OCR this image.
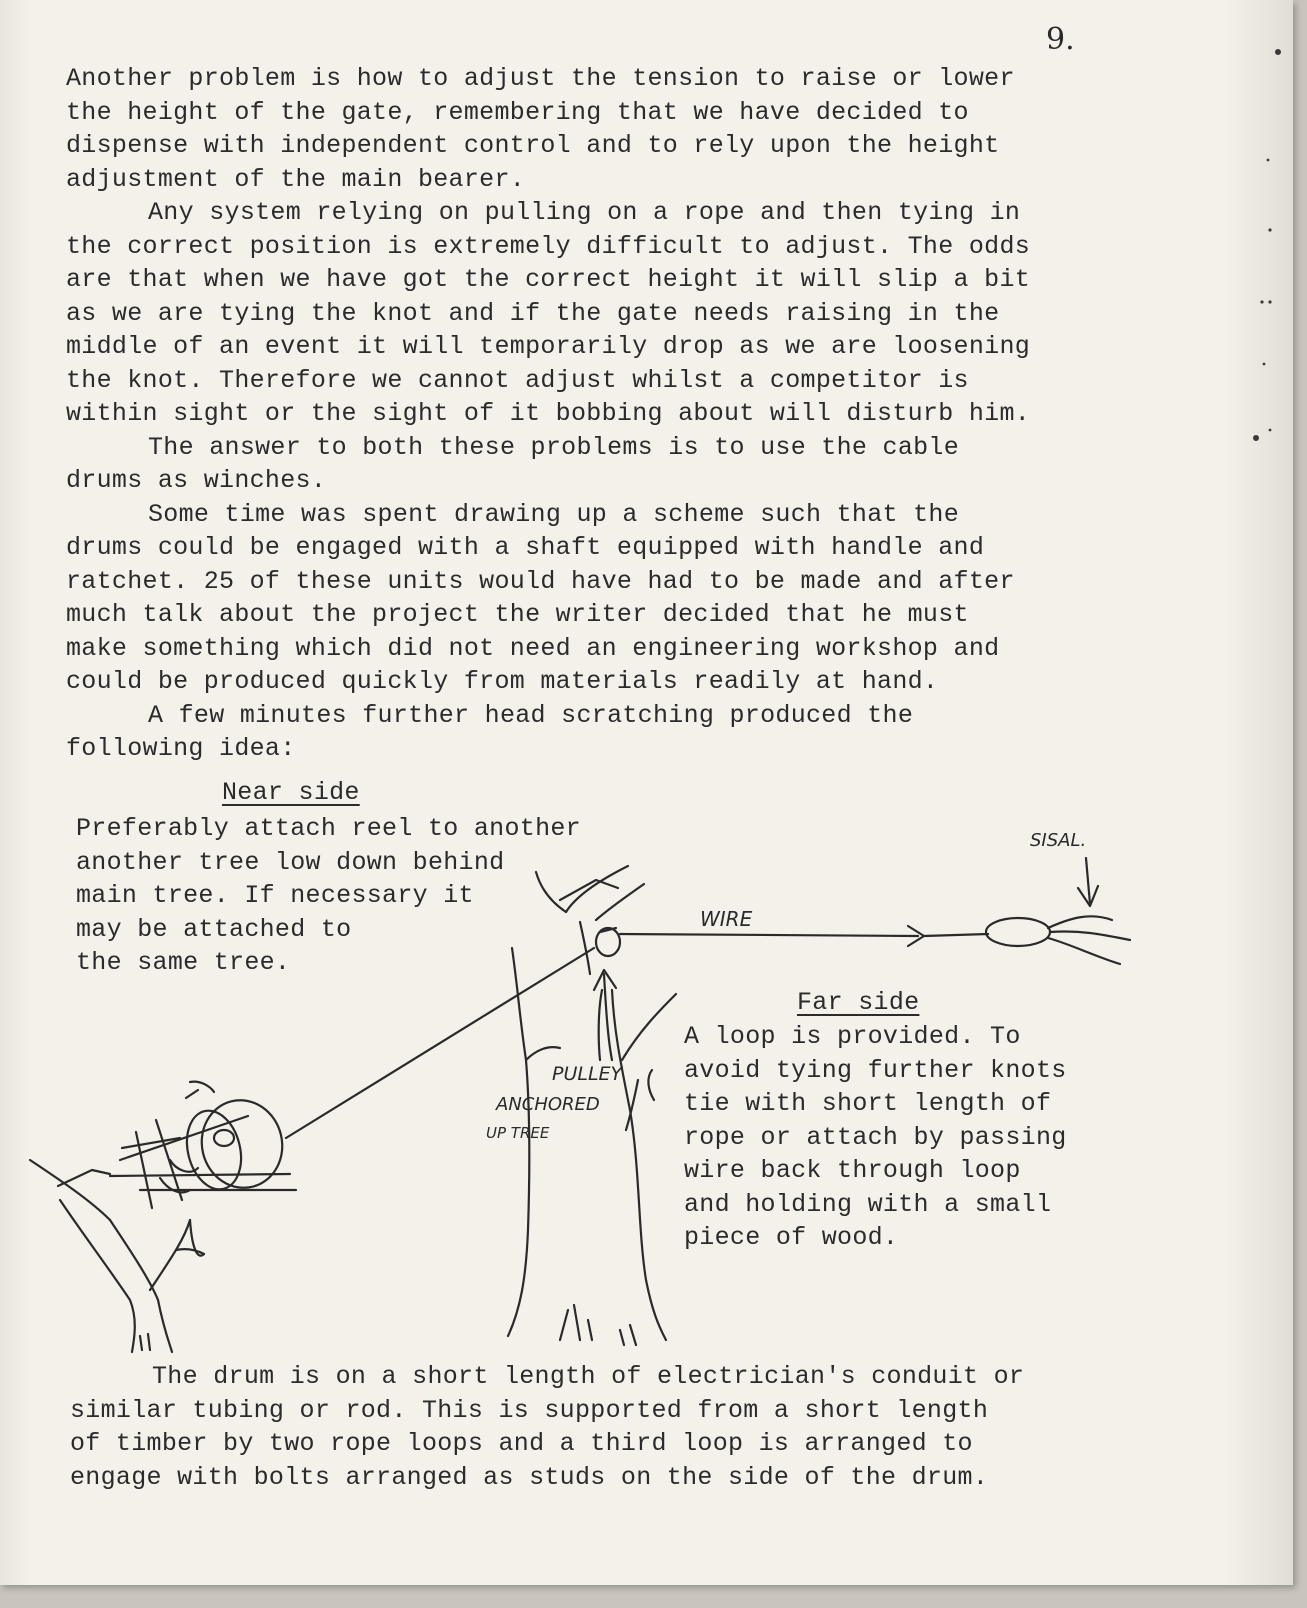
9.

Another problem is how to adjust the tension to raise or lower
the height of the gate, remembering that we have decided to
dispense with independent control and to rely upon the height
adjustment of the main bearer.

Any system relying on pulling on a rope and then tying in
the correct position is extremely difficult to adjust. The odds
are that when we have got the correct height it will slip a bit
as we are tying the knot and if the gate needs raising in the
middle of an event it will temporarily drop as we are loosening
the knot. Therefore we cannot adjust whilst a competitor is
within sight or the sight of it bobbing about will disturb him.

The answer to both these problems is to use the cable
drums as winches.

Some time was spent drawing up a scheme such that the
drums could be engaged with a shaft equipped with handle and
ratchet. 25 of these units would have had to be made and after
much talk about the project the writer decided that he must
make something which did not need an engineering workshop and
could be produced quickly from materials readily at hand.

A few minutes further head scratching produced the
following idea:

WIRE
SISAL.
PULLEY
ANCHORED
UP TREE
Near side
Preferably attach reel to another
another tree low down behind
main tree. If necessary it
may be attached to
the same tree.
Far side
A loop is provided. To
avoid tying further knots
tie with short length of
rope or attach by passing
wire back through loop
and holding with a small
piece of wood.

The drum is on a short length of electrician's conduit or
similar tubing or rod. This is supported from a short length
of timber by two rope loops and a third loop is arranged to
engage with bolts arranged as studs on the side of the drum.
